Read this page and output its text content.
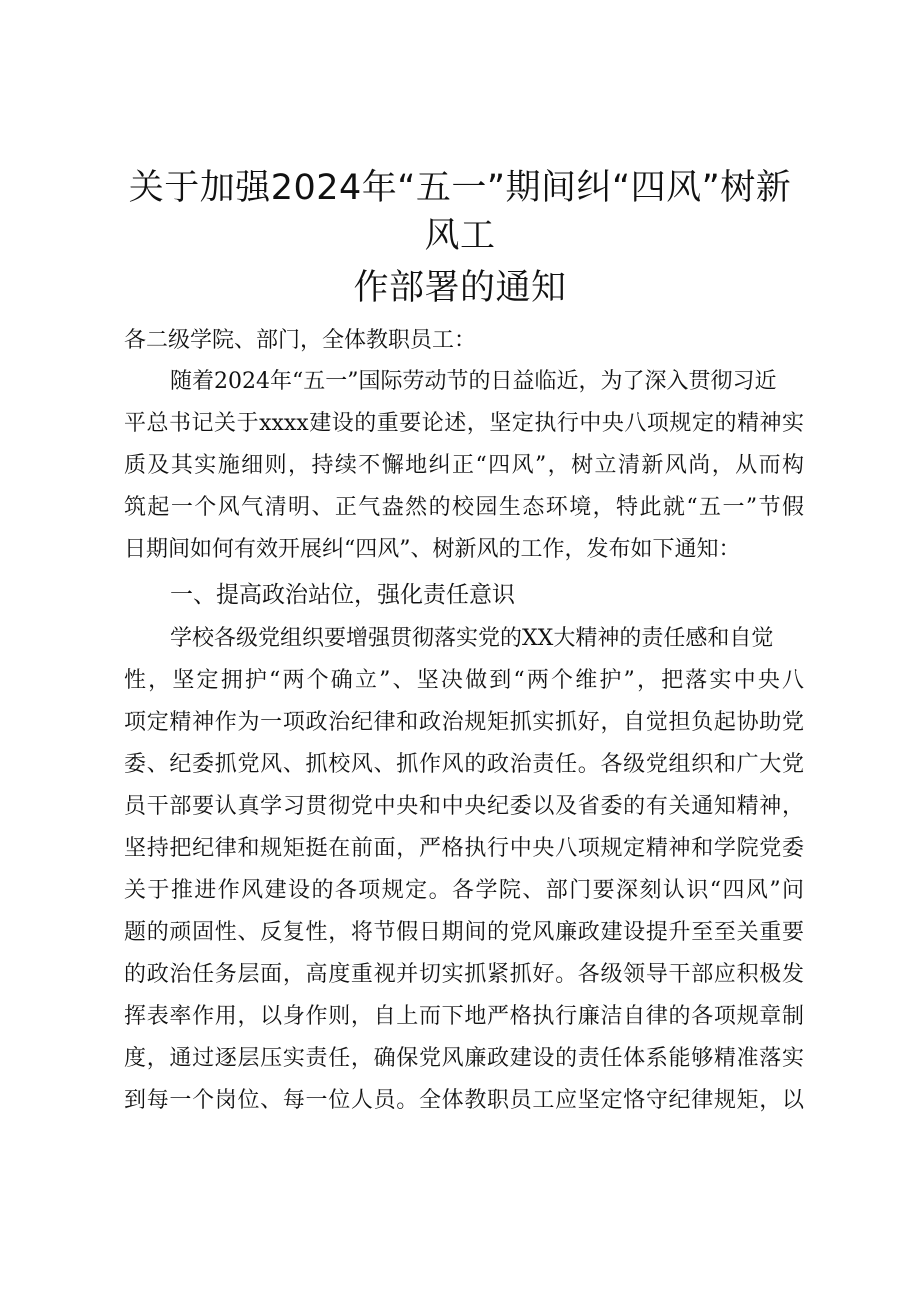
关于加强2024年“五一”期间纠“四风”树新
风工
作部署的通知

各二级学院、部门，全体教职员工：

随着2024年“五一”国际劳动节的日益临近，为了深入贯彻习近

平总书记关于xxxx建设的重要论述，坚定执行中央八项规定的精神实

质及其实施细则，持续不懈地纠正“四风”，树立清新风尚，从而构

筑起一个风气清明、正气盎然的校园生态环境，特此就“五一”节假

日期间如何有效开展纠“四风”、树新风的工作，发布如下通知：

一、提高政治站位，强化责任意识

学校各级党组织要增强贯彻落实党的XX大精神的责任感和自觉

性，坚定拥护“两个确立”、坚决做到“两个维护”，把落实中央八

项定精神作为一项政治纪律和政治规矩抓实抓好，自觉担负起协助党

委、纪委抓党风、抓校风、抓作风的政治责任。各级党组织和广大党

员干部要认真学习贯彻党中央和中央纪委以及省委的有关通知精神，

坚持把纪律和规矩挺在前面，严格执行中央八项规定精神和学院党委

关于推进作风建设的各项规定。各学院、部门要深刻认识“四风”问

题的顽固性、反复性，将节假日期间的党风廉政建设提升至至关重要

的政治任务层面，高度重视并切实抓紧抓好。各级领导干部应积极发

挥表率作用，以身作则，自上而下地严格执行廉洁自律的各项规章制

度，通过逐层压实责任，确保党风廉政建设的责任体系能够精准落实

到每一个岗位、每一位人员。全体教职员工应坚定恪守纪律规矩，以
